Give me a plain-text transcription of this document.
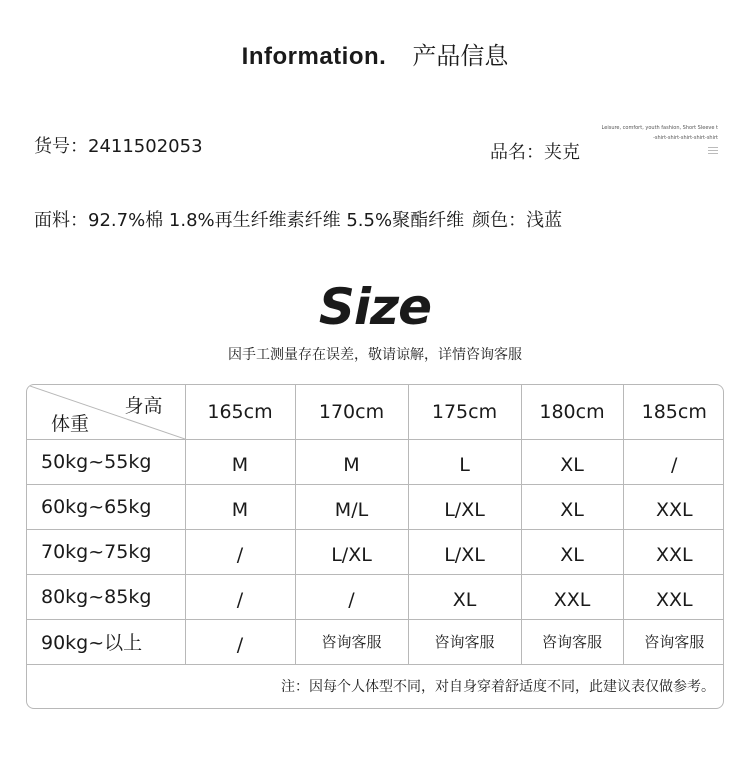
Information. 产品信息
货号：2411502053	品名：夹克
面料：92.7%棉 1.8%再生纤维素纤维 5.5%聚酯纤维 颜色：浅蓝
Leisure, comfort, youth fashion, Short Sleeve t
-shirt-shirt-shirt-shirt-shirt
Size
因手工测量存在误差，敬请谅解，详情咨询客服
身高
体重	165cm	170cm	175cm	180cm	185cm
50kg~55kg	M	M	L	XL	/
60kg~65kg	M	M/L	L/XL	XL	XXL
70kg~75kg	/	L/XL	L/XL	XL	XXL
80kg~85kg	/	/	XL	XXL	XXL
90kg~以上	/	咨询客服	咨询客服	咨询客服	咨询客服
注：因每个人体型不同，对自身穿着舒适度不同，此建议表仅做参考。					
